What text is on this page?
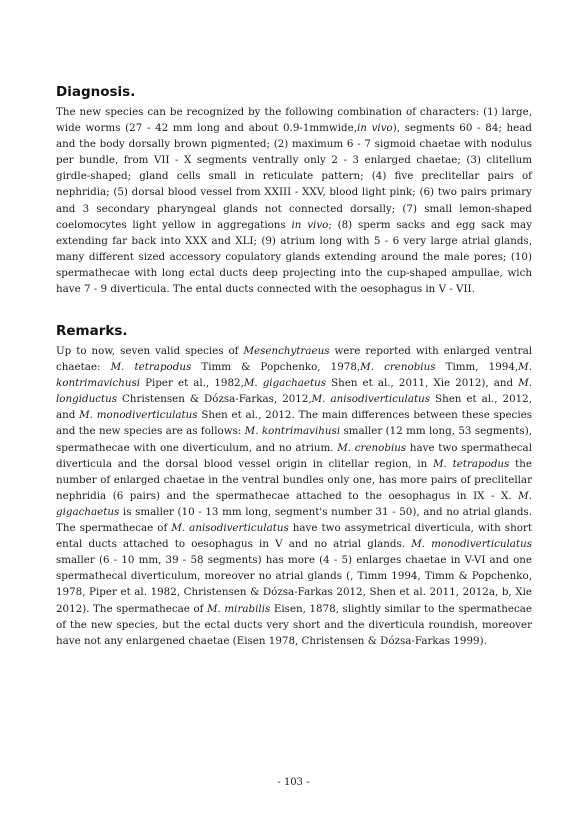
Diagnosis.

The new species can be recognized by the following combination of characters: (1) large, wide worms (27 - 42 mm long and about 0.9-1mmwide,in vivo), segments 60 - 84; head and the body dorsally brown pigmented; (2) maximum 6 - 7 sigmoid chaetae with nodulus per bundle, from VII - X segments ventrally only 2 - 3 enlarged chaetae; (3) clitellum girdle-shaped; gland cells small in reticulate pattern; (4) five preclitellar pairs of nephridia; (5) dorsal blood vessel from XXIII - XXV, blood light pink; (6) two pairs primary and 3 secondary pharyngeal glands not connected dorsally; (7) small lemon-shaped coelomocytes light yellow in aggregations in vivo; (8) sperm sacks and egg sack may extending far back into XXX and XLI; (9) atrium long with 5 - 6 very large atrial glands, many different sized accessory copulatory glands extending around the male pores; (10) spermathecae with long ectal ducts deep projecting into the cup-shaped ampullae, wich have 7 - 9 diverticula. The ental ducts connected with the oesophagus in V - VII.

Remarks.

Up to now, seven valid species of Mesenchytraeus were reported with enlarged ventral chaetae: M. tetrapodus Timm & Popchenko, 1978,M. crenobius Timm, 1994,M. kontrimavichusi Piper et al., 1982,M. gigachaetus Shen et al., 2011, Xie 2012), and M. longiductus Christensen & Dózsa-Farkas, 2012,M. anisodiverticulatus Shen et al., 2012, and M. monodiverticulatus Shen et al., 2012. The main differences between these species and the new species are as follows: M. kontrimavihusi smaller (12 mm long, 53 segments), spermathecae with one diverticulum, and no atrium. M. crenobius have two spermathecal diverticula and the dorsal blood vessel origin in clitellar region, in M. tetrapodus the number of enlarged chaetae in the ventral bundles only one, has more pairs of preclitellar nephridia (6 pairs) and the spermathecae attached to the oesophagus in IX - X. M. gigachaetus is smaller (10 - 13 mm long, segment's number 31 - 50), and no atrial glands. The spermathecae of M. anisodiverticulatus have two assymetrical diverticula, with short ental ducts attached to oesophagus in V and no atrial glands. M. monodiverticulatus smaller (6 - 10 mm, 39 - 58 segments) has more (4 - 5) enlarges chaetae in V-VI and one spermathecal diverticulum, moreover no atrial glands (, Timm 1994, Timm & Popchenko, 1978, Piper et al. 1982, Christensen & Dózsa-Farkas 2012, Shen et al. 2011, 2012a, b, Xie 2012). The spermathecae of M. mirabilis Eisen, 1878, slightly similar to the spermathecae of the new species, but the ectal ducts very short and the diverticula roundish, moreover have not any enlargened chaetae (Eisen 1978, Christensen & Dózsa-Farkas 1999).

- 103 -
